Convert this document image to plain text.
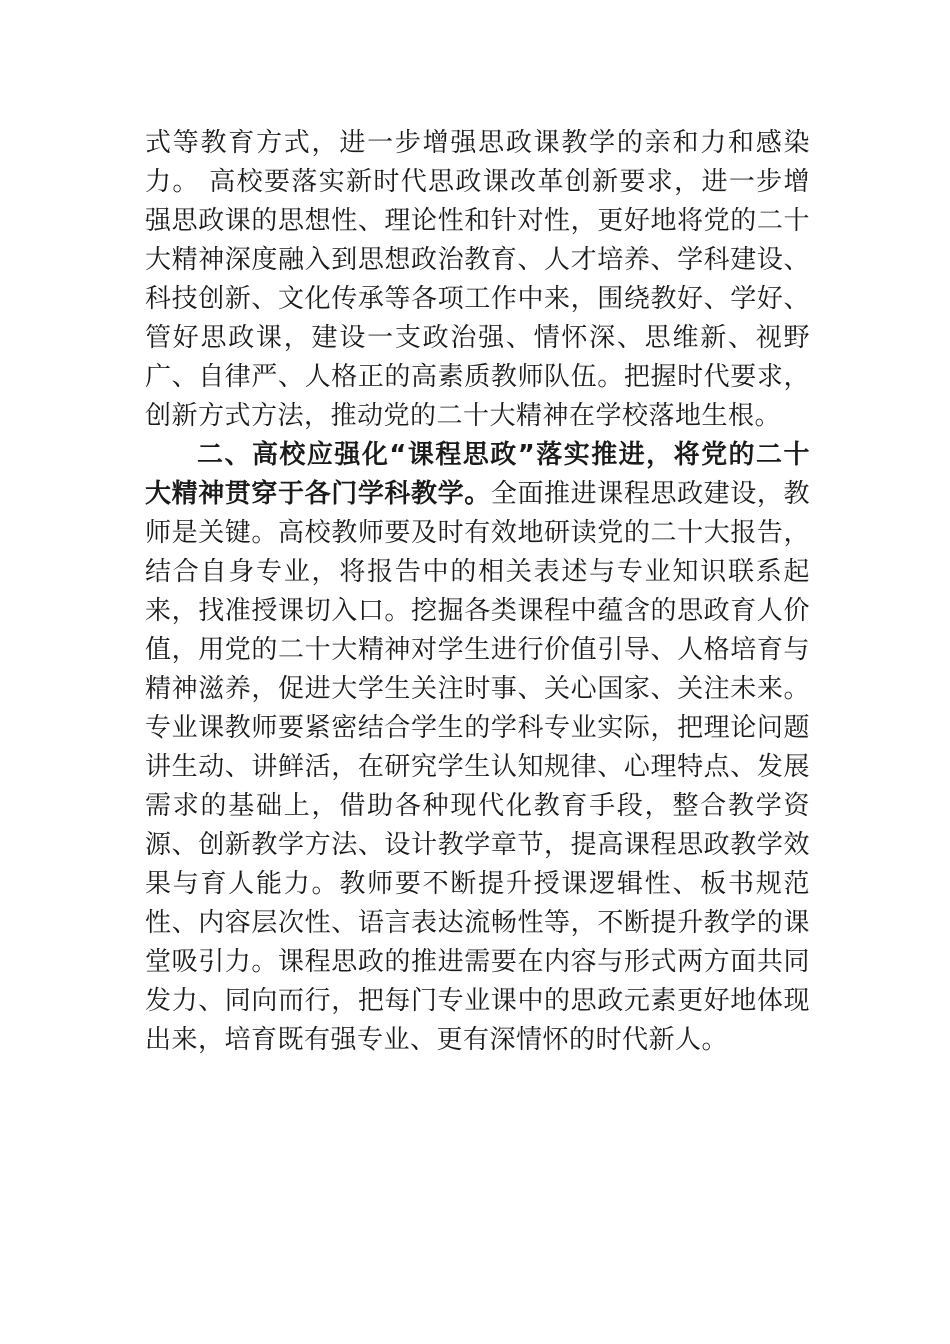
式等教育方式，进一步增强思政课教学的亲和力和感染力。 高校要落实新时代思政课改革创新要求，进一步增强思政课的思想性、理论性和针对性，更好地将党的二十大精神深度融入到思想政治教育、人才培养、学科建设、科技创新、文化传承等各项工作中来，围绕教好、学好、管好思政课，建设一支政治强、情怀深、思维新、视野广、自律严、人格正的高素质教师队伍。把握时代要求，创新方式方法，推动党的二十大精神在学校落地生根。

二、高校应强化“课程思政”落实推进，将党的二十大精神贯穿于各门学科教学。全面推进课程思政建设，教师是关键。高校教师要及时有效地研读党的二十大报告，结合自身专业，将报告中的相关表述与专业知识联系起来，找准授课切入口。挖掘各类课程中蕴含的思政育人价值，用党的二十大精神对学生进行价值引导、人格培育与精神滋养，促进大学生关注时事、关心国家、关注未来。专业课教师要紧密结合学生的学科专业实际，把理论问题讲生动、讲鲜活，在研究学生认知规律、心理特点、发展需求的基础上，借助各种现代化教育手段，整合教学资源、创新教学方法、设计教学章节，提高课程思政教学效果与育人能力。教师要不断提升授课逻辑性、板书规范性、内容层次性、语言表达流畅性等，不断提升教学的课堂吸引力。课程思政的推进需要在内容与形式两方面共同发力、同向而行，把每门专业课中的思政元素更好地体现出来，培育既有强专业、更有深情怀的时代新人。
